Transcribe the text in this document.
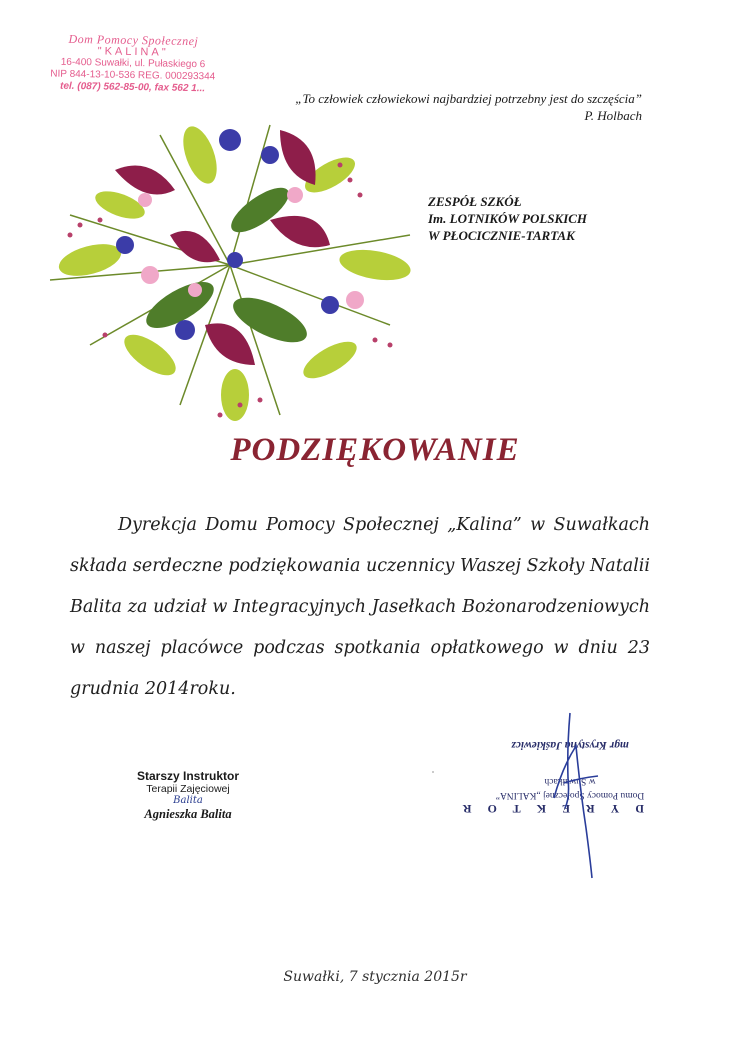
Dom Pomocy Społecznej
"KALINA"
16-400 Suwałki, ul. Pułaskiego 6
NIP 844-13-10-536 REG. 000293344
tel. (087) 562-85-00, fax 562 1...
„To człowiek człowiekowi najbardziej potrzebny jest do szczęścia”
P. Holbach
ZESPÓŁ SZKÓŁ
Im. LOTNIKÓW POLSKICH
W PŁOCICZNIE-TARTAK
PODZIĘKOWANIE
Dyrekcja Domu Pomocy Społecznej „Kalina” w Suwałkach składa serdeczne podziękowania uczennicy Waszej Szkoły Natalii Balita za udział w Integracyjnych Jasełkach Bożonarodzeniowych w naszej placówce podczas spotkania opłatkowego w dniu 23 grudnia 2014roku.
Starszy Instruktor
Terapii Zajęciowej
Balita
Agnieszka Balita	DYREKTOR
Domu Pomocy Społecznej „KALINA”
w Suwałkach
mgr Krystyna Jaśkiewicz
Suwałki, 7 stycznia 2015r
